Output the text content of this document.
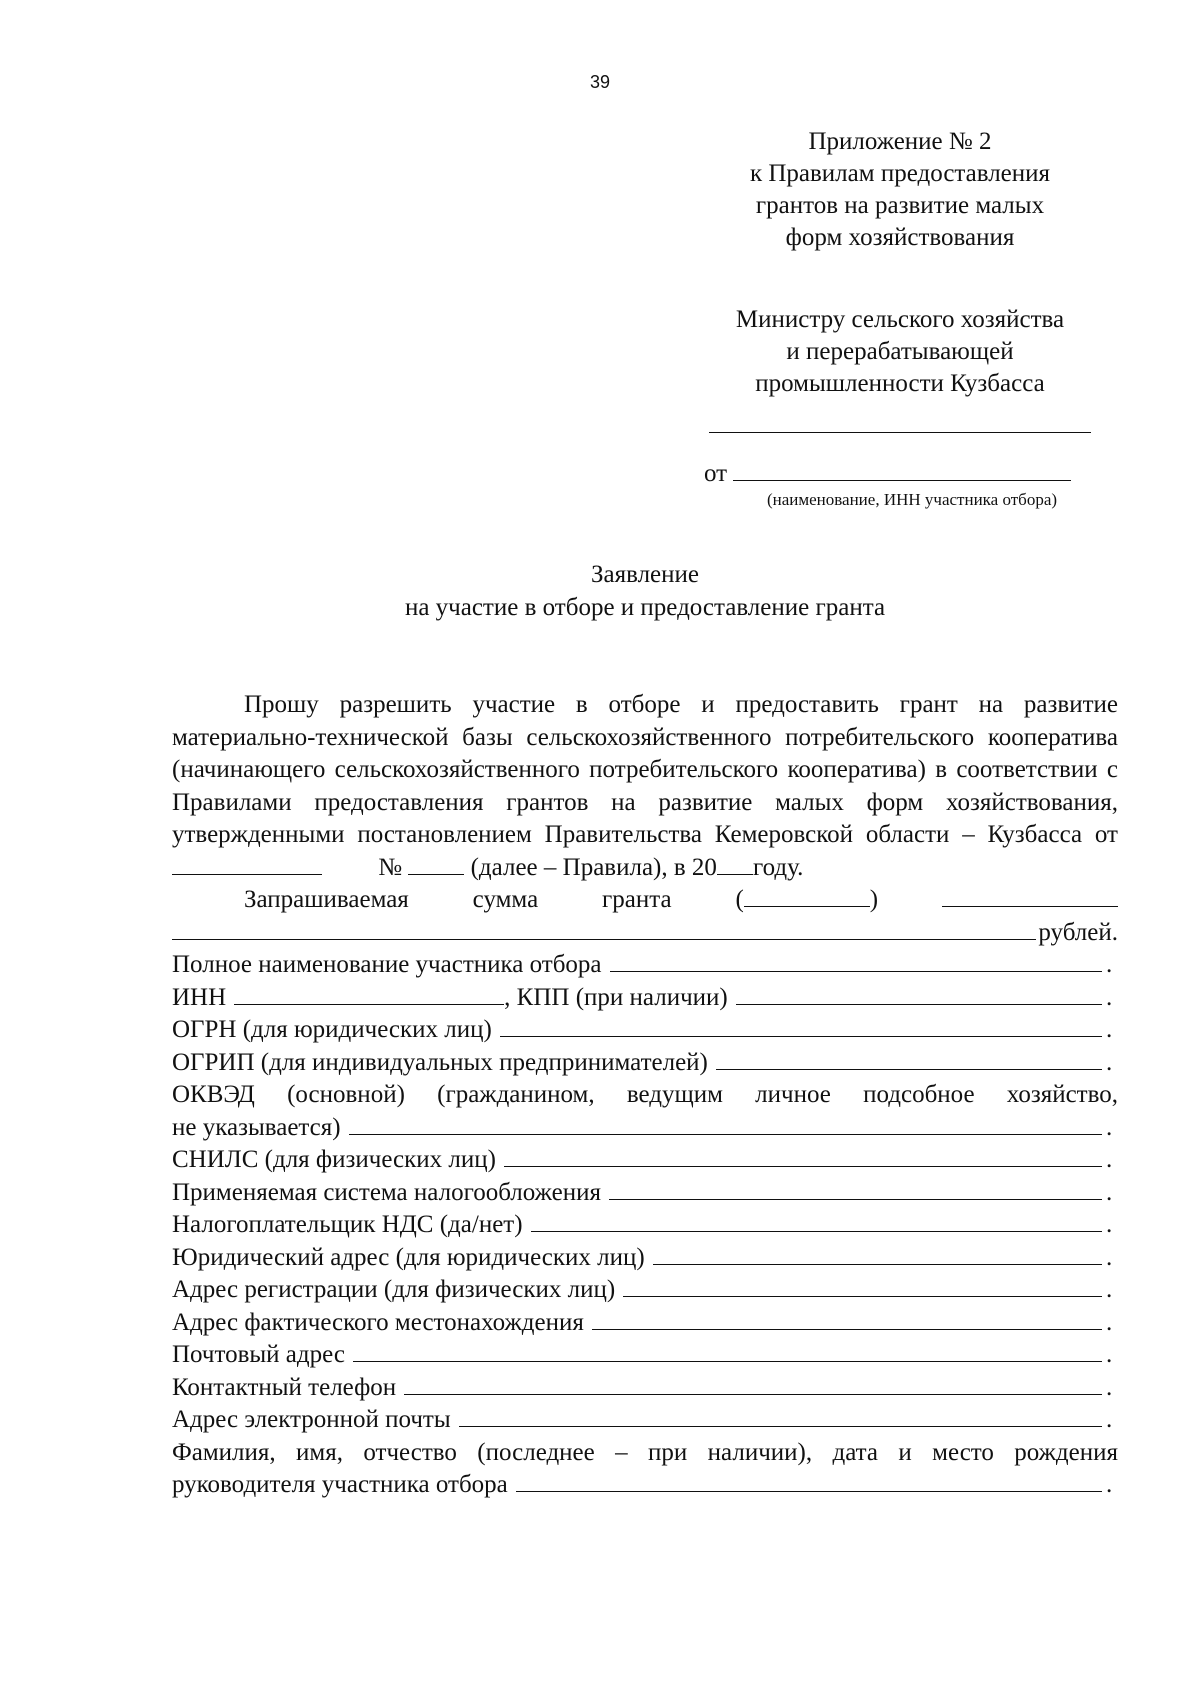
39
Приложение № 2
к Правилам предоставления
грантов на развитие малых
форм хозяйствования
Министру сельского хозяйства
и перерабатывающей
промышленности Кузбасса
от
(наименование, ИНН участника отбора)
Заявление
на участие в отборе и предоставление гранта
Прошу разрешить участие в отборе и предоставить грант на развитие материально-технической базы сельскохозяйственного потребительского кооператива (начинающего сельскохозяйственного потребительского кооператива) в соответствии с Правилами предоставления грантов на развитие малых форм хозяйствования, утвержденными постановлением Правительства Кемеровской области – Кузбасса от          №	(далее – Правила), в 20 году.
Запрашиваемая	сумма	гранта	(	)
рублей.
Полное наименование участника отбора	.
ИНН	, КПП (при наличии)	.
ОГРН (для юридических лиц)	.
ОГРИП (для индивидуальных предпринимателей)	.
ОКВЭД (основной) (гражданином, ведущим личное подсобное хозяйство,
не указывается)	.
СНИЛС (для физических лиц)	.
Применяемая система налогообложения	.
Налогоплательщик НДС (да/нет)	.
Юридический адрес (для юридических лиц)	.
Адрес регистрации (для физических лиц)	.
Адрес фактического местонахождения	.
Почтовый адрес	.
Контактный телефон	.
Адрес электронной почты	.
Фамилия, имя, отчество (последнее – при наличии), дата и место рождения
руководителя участника отбора	.
